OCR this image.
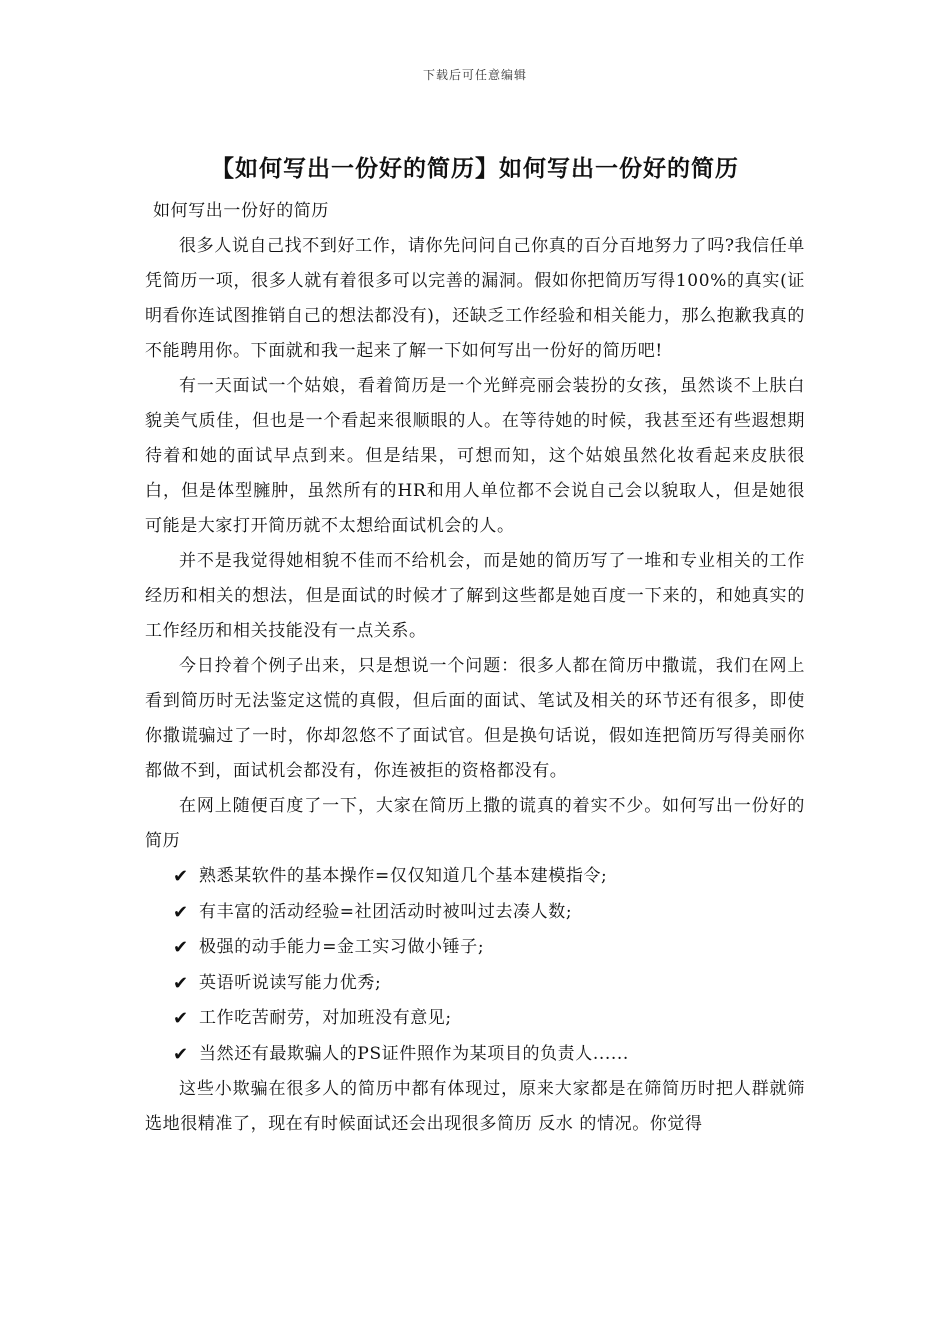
下载后可任意编辑
【如何写出一份好的简历】如何写出一份好的简历

如何写出一份好的简历

很多人说自己找不到好工作，请你先问问自己你真的百分百地努力了吗?我信任单凭简历一项，很多人就有着很多可以完善的漏洞。假如你把简历写得100%的真实(证明看你连试图推销自己的想法都没有)，还缺乏工作经验和相关能力，那么抱歉我真的不能聘用你。下面就和我一起来了解一下如何写出一份好的简历吧!

有一天面试一个姑娘，看着简历是一个光鲜亮丽会装扮的女孩，虽然谈不上肤白貌美气质佳，但也是一个看起来很顺眼的人。在等待她的时候，我甚至还有些遐想期待着和她的面试早点到来。但是结果，可想而知，这个姑娘虽然化妆看起来皮肤很白，但是体型臃肿，虽然所有的HR和用人单位都不会说自己会以貌取人，但是她很可能是大家打开简历就不太想给面试机会的人。

并不是我觉得她相貌不佳而不给机会，而是她的简历写了一堆和专业相关的工作经历和相关的想法，但是面试的时候才了解到这些都是她百度一下来的，和她真实的工作经历和相关技能没有一点关系。

今日拎着个例子出来，只是想说一个问题：很多人都在简历中撒谎，我们在网上看到简历时无法鉴定这慌的真假，但后面的面试、笔试及相关的环节还有很多，即使你撒谎骗过了一时，你却忽悠不了面试官。但是换句话说，假如连把简历写得美丽你都做不到，面试机会都没有，你连被拒的资格都没有。

在网上随便百度了一下，大家在简历上撒的谎真的着实不少。如何写出一份好的简历

✔ 熟悉某软件的基本操作=仅仅知道几个基本建模指令;
✔ 有丰富的活动经验=社团活动时被叫过去凑人数;
✔ 极强的动手能力=金工实习做小锤子;
✔ 英语听说读写能力优秀;
✔ 工作吃苦耐劳，对加班没有意见;
✔ 当然还有最欺骗人的PS证件照作为某项目的负责人......

这些小欺骗在很多人的简历中都有体现过，原来大家都是在筛简历时把人群就筛选地很精准了，现在有时候面试还会出现很多简历 反水 的情况。你觉得
